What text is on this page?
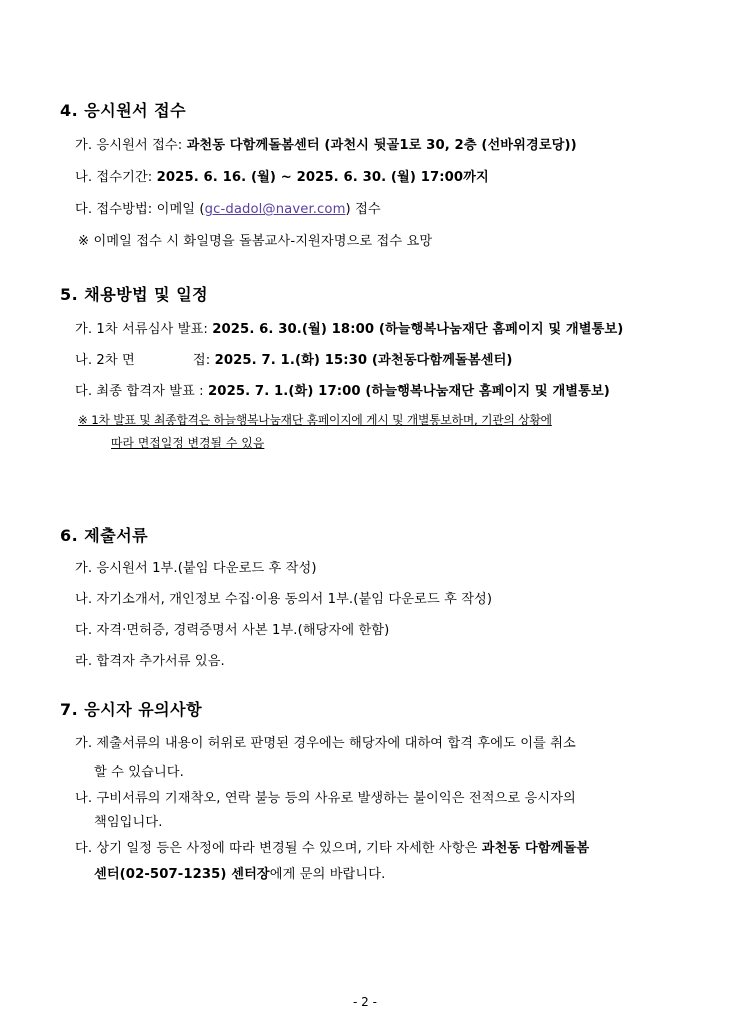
4. 응시원서 접수
가. 응시원서 접수: 과천동 다함께돌봄센터 (과천시 뒷골1로 30, 2층 (선바위경로당))
나. 접수기간: 2025. 6. 16. (월) ~ 2025. 6. 30. (월) 17:00까지
다. 접수방법: 이메일 (gc-dadol@naver.com) 접수
※ 이메일 접수 시 화일명을 돌봄교사-지원자명으로 접수 요망
5. 채용방법 및 일정
가. 1차 서류심사 발표: 2025. 6. 30.(월) 18:00 (하늘행복나눔재단 홈페이지 및 개별통보)
나. 2차 면	접: 2025. 7. 1.(화) 15:30 (과천동다함께돌봄센터)
다. 최종 합격자 발표 : 2025. 7. 1.(화) 17:00 (하늘행복나눔재단 홈페이지 및 개별통보)
※ 1차 발표 및 최종합격은 하늘행복나눔재단 홈페이지에 게시 및 개별통보하며, 기관의 상황에
따라 면접일정 변경될 수 있음
6. 제출서류
가. 응시원서 1부.(붙임 다운로드 후 작성)
나. 자기소개서, 개인정보 수집·이용 동의서 1부.(붙임 다운로드 후 작성)
다. 자격·면허증, 경력증명서 사본 1부.(해당자에 한함)
라. 합격자 추가서류 있음.
7. 응시자 유의사항
가. 제출서류의 내용이 허위로 판명된 경우에는 해당자에 대하여 합격 후에도 이를 취소
할 수 있습니다.
나. 구비서류의 기재착오, 연락 불능 등의 사유로 발생하는 불이익은 전적으로 응시자의
책임입니다.
다. 상기 일정 등은 사정에 따라 변경될 수 있으며, 기타 자세한 사항은 과천동 다함께돌봄
센터(02-507-1235) 센터장에게 문의 바랍니다.
- 2 -
